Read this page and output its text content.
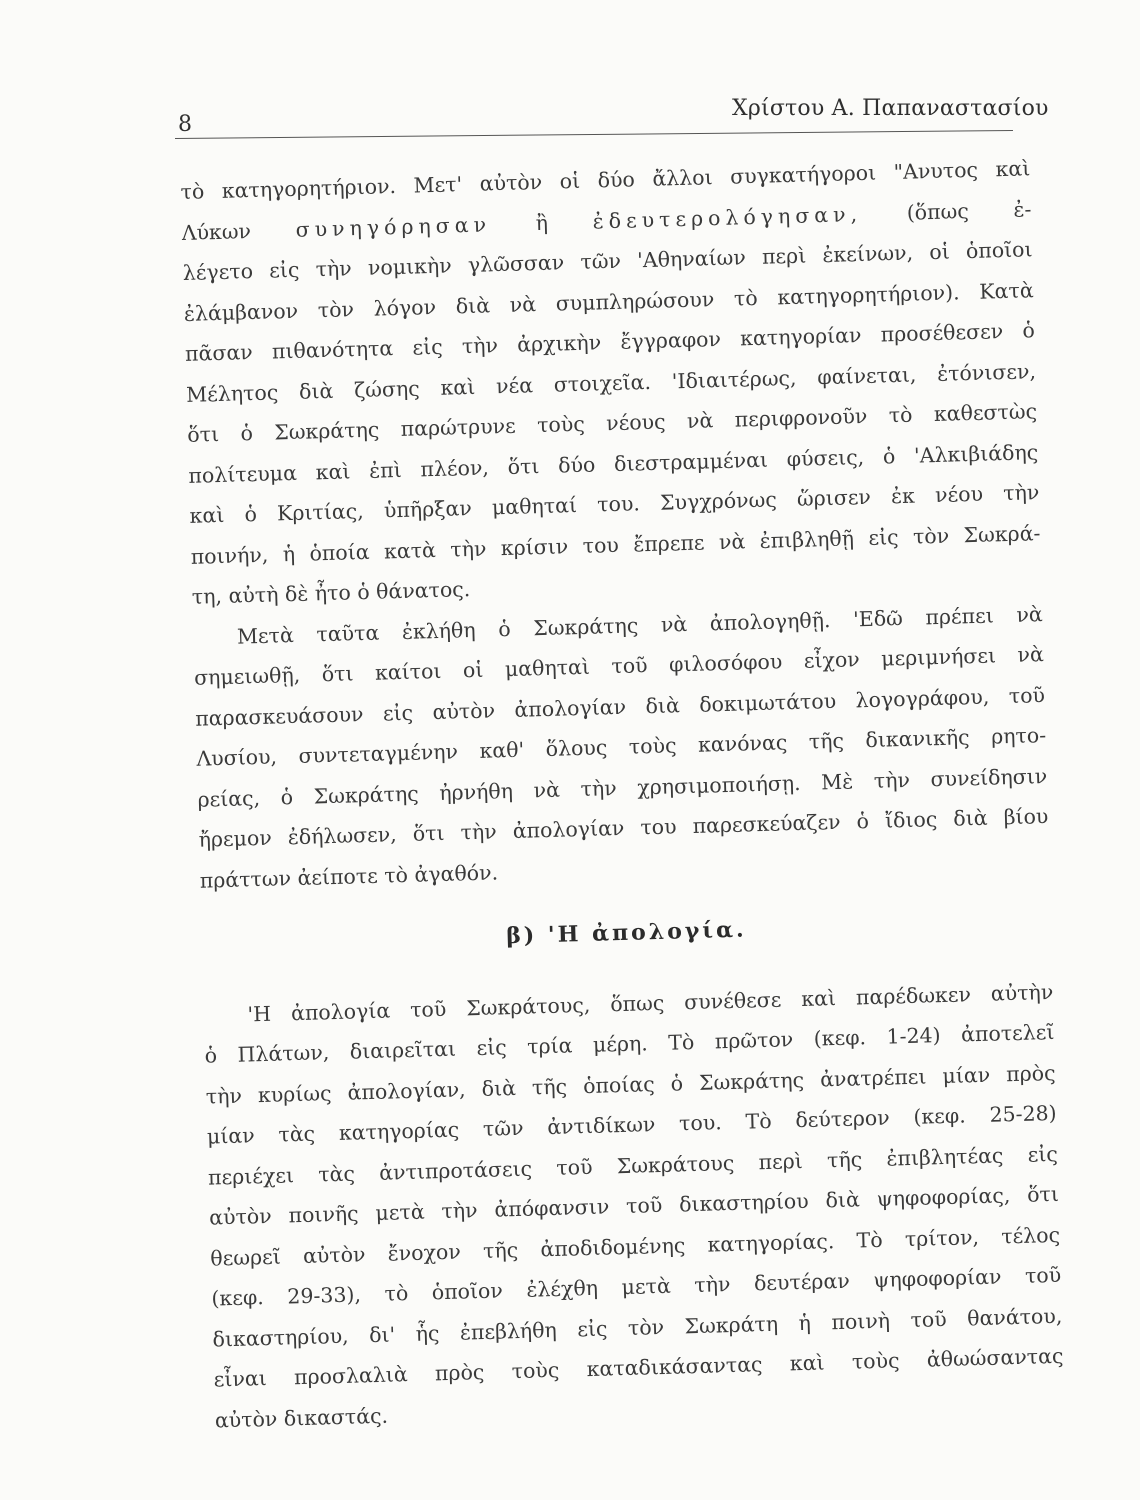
8
Χρίστου Α. Παπαναστασίου
τὸ κατηγορητήριον. Μετ' αὐτὸν οἱ δύο ἄλλοι συγκατήγοροι "Ανυτος καὶ
Λύκων συνηγόρησαν ἢ ἐδευτερολόγησαν, (ὅπως ἐ-
λέγετο εἰς τὴν νομικὴν γλῶσσαν τῶν 'Αθηναίων περὶ ἐκείνων, οἱ ὁποῖοι
ἐλάμβανον τὸν λόγον διὰ νὰ συμπληρώσουν τὸ κατηγορητήριον). Κατὰ
πᾶσαν πιθανότητα εἰς τὴν ἀρχικὴν ἔγγραφον κατηγορίαν προσέθεσεν ὁ
Μέλητος διὰ ζώσης καὶ νέα στοιχεῖα. 'Ιδιαιτέρως, φαίνεται, ἐτόνισεν,
ὅτι ὁ Σωκράτης παρώτρυνε τοὺς νέους νὰ περιφρονοῦν τὸ καθεστὼς
πολίτευμα καὶ ἐπὶ πλέον, ὅτι δύο διεστραμμέναι φύσεις, ὁ 'Αλκιβιάδης
καὶ ὁ Κριτίας, ὑπῆρξαν μαθηταί του. Συγχρόνως ὥρισεν ἐκ νέου τὴν
ποινήν, ἡ ὁποία κατὰ τὴν κρίσιν του ἔπρεπε νὰ ἐπιβληθῇ εἰς τὸν Σωκρά-
τη, αὐτὴ δὲ ἦτο ὁ θάνατος.
Μετὰ ταῦτα ἐκλήθη ὁ Σωκράτης νὰ ἀπολογηθῇ. 'Εδῶ πρέπει νὰ
σημειωθῇ, ὅτι καίτοι οἱ μαθηταὶ τοῦ φιλοσόφου εἶχον μεριμνήσει νὰ
παρασκευάσουν εἰς αὐτὸν ἀπολογίαν διὰ δοκιμωτάτου λογογράφου, τοῦ
Λυσίου, συντεταγμένην καθ' ὅλους τοὺς κανόνας τῆς δικανικῆς ρητο-
ρείας, ὁ Σωκράτης ἠρνήθη νὰ τὴν χρησιμοποιήσῃ. Μὲ τὴν συνείδησιν
ἤρεμον ἐδήλωσεν, ὅτι τὴν ἀπολογίαν του παρεσκεύαζεν ὁ ἴδιος διὰ βίου
πράττων ἀείποτε τὸ ἀγαθόν.
β) 'Η ἀπολογία.
'Η ἀπολογία τοῦ Σωκράτους, ὅπως συνέθεσε καὶ παρέδωκεν αὐτὴν
ὁ Πλάτων, διαιρεῖται εἰς τρία μέρη. Τὸ πρῶτον (κεφ. 1-24) ἀποτελεῖ
τὴν κυρίως ἀπολογίαν, διὰ τῆς ὁποίας ὁ Σωκράτης ἀνατρέπει μίαν πρὸς
μίαν τὰς κατηγορίας τῶν ἀντιδίκων του. Τὸ δεύτερον (κεφ. 25-28)
περιέχει τὰς ἀντιπροτάσεις τοῦ Σωκράτους περὶ τῆς ἐπιβλητέας εἰς
αὐτὸν ποινῆς μετὰ τὴν ἀπόφανσιν τοῦ δικαστηρίου διὰ ψηφοφορίας, ὅτι
θεωρεῖ αὐτὸν ἔνοχον τῆς ἀποδιδομένης κατηγορίας. Τὸ τρίτον, τέλος
(κεφ. 29-33), τὸ ὁποῖον ἐλέχθη μετὰ τὴν δευτέραν ψηφοφορίαν τοῦ
δικαστηρίου, δι' ἧς ἐπεβλήθη εἰς τὸν Σωκράτη ἡ ποινὴ τοῦ θανάτου,
εἶναι προσλαλιὰ πρὸς τοὺς καταδικάσαντας καὶ τοὺς ἀθωώσαντας
αὐτὸν δικαστάς.
